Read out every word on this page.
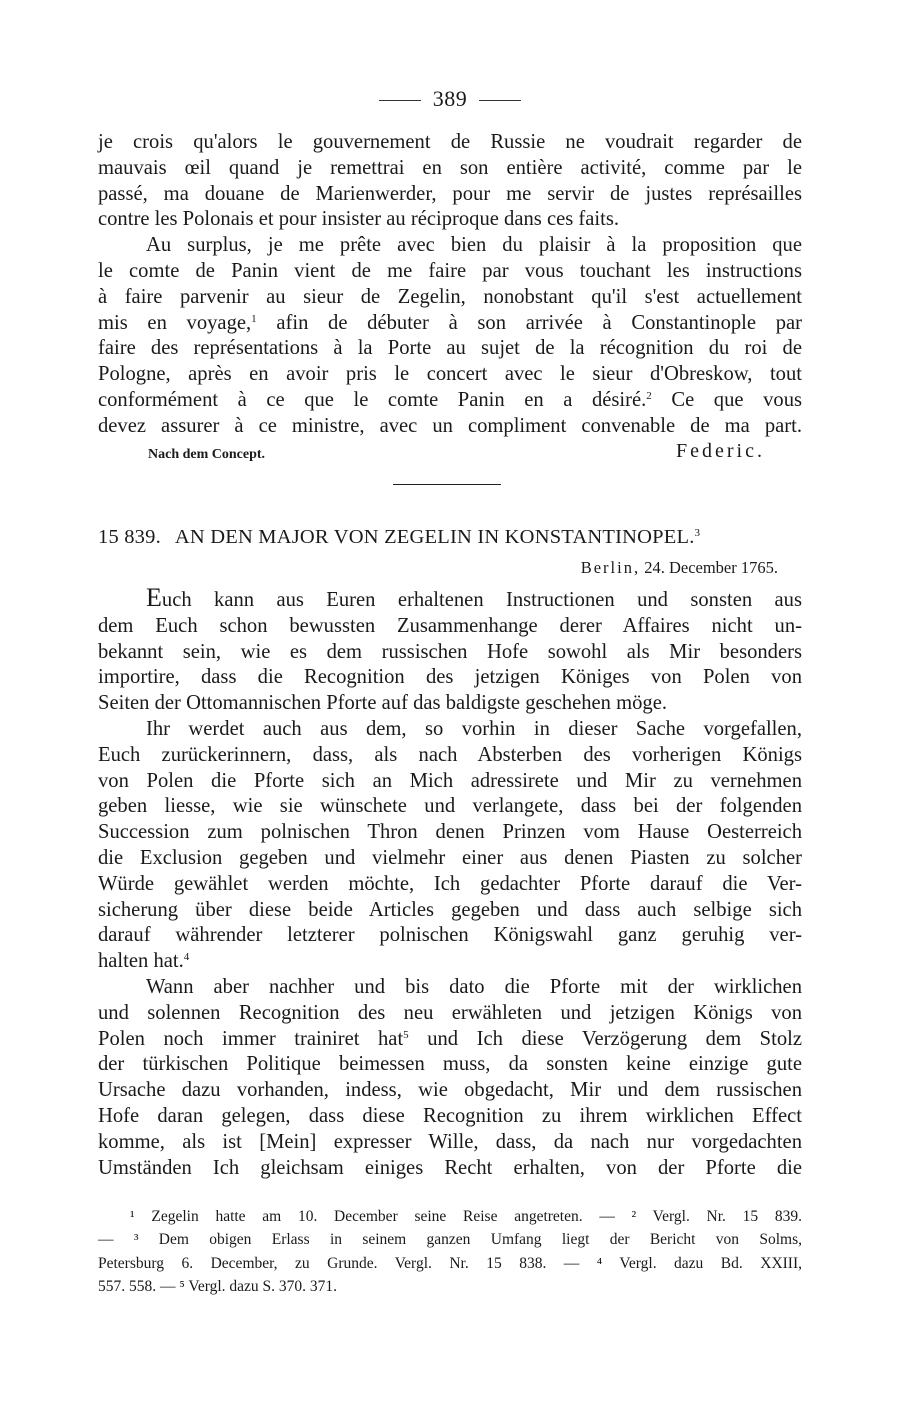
389
je crois qu'alors le gouvernement de Russie ne voudrait regarder de
mauvais œil quand je remettrai en son entière activité, comme par le
passé, ma douane de Marienwerder, pour me servir de justes représailles
contre les Polonais et pour insister au réciproque dans ces faits.
Au surplus, je me prête avec bien du plaisir à la proposition que
le comte de Panin vient de me faire par vous touchant les instructions
à faire parvenir au sieur de Zegelin, nonobstant qu'il s'est actuellement
mis en voyage,$^1$ afin de débuter à son arrivée à Constantinople par
faire des représentations à la Porte au sujet de la récognition du roi de
Pologne, après en avoir pris le concert avec le sieur d'Obreskow, tout
conformément à ce que le comte Panin en a désiré.$^2$ Ce que vous
devez assurer à ce ministre, avec un compliment convenable de ma part.
Nach dem Concept.	Federic.
15 839. AN DEN MAJOR VON ZEGELIN IN KONSTANTINOPEL.$^3$
Berlin, 24. December 1765.
Euch kann aus Euren erhaltenen Instructionen und sonsten aus
dem Euch schon bewussten Zusammenhange derer Affaires nicht un-
bekannt sein, wie es dem russischen Hofe sowohl als Mir besonders
importire, dass die Recognition des jetzigen Königes von Polen von
Seiten der Ottomannischen Pforte auf das baldigste geschehen möge.
Ihr werdet auch aus dem, so vorhin in dieser Sache vorgefallen,
Euch zurückerinnern, dass, als nach Absterben des vorherigen Königs
von Polen die Pforte sich an Mich adressirete und Mir zu vernehmen
geben liesse, wie sie wünschete und verlangete, dass bei der folgenden
Succession zum polnischen Thron denen Prinzen vom Hause Oesterreich
die Exclusion gegeben und vielmehr einer aus denen Piasten zu solcher
Würde gewählet werden möchte, Ich gedachter Pforte darauf die Ver-
sicherung über diese beide Articles gegeben und dass auch selbige sich
darauf währender letzterer polnischen Königswahl ganz geruhig ver-
halten hat.$^4$
Wann aber nachher und bis dato die Pforte mit der wirklichen
und solennen Recognition des neu erwähleten und jetzigen Königs von
Polen noch immer trainiret hat$^5$ und Ich diese Verzögerung dem Stolz
der türkischen Politique beimessen muss, da sonsten keine einzige gute
Ursache dazu vorhanden, indess, wie obgedacht, Mir und dem russischen
Hofe daran gelegen, dass diese Recognition zu ihrem wirklichen Effect
komme, als ist [Mein] expresser Wille, dass, da nach nur vorgedachten
Umständen Ich gleichsam einiges Recht erhalten, von der Pforte die
¹ Zegelin hatte am 10. December seine Reise angetreten. — ² Vergl. Nr. 15 839.
— ³ Dem obigen Erlass in seinem ganzen Umfang liegt der Bericht von Solms,
Petersburg 6. December, zu Grunde. Vergl. Nr. 15 838. — ⁴ Vergl. dazu Bd. XXIII,
557. 558. — ⁵ Vergl. dazu S. 370. 371.
